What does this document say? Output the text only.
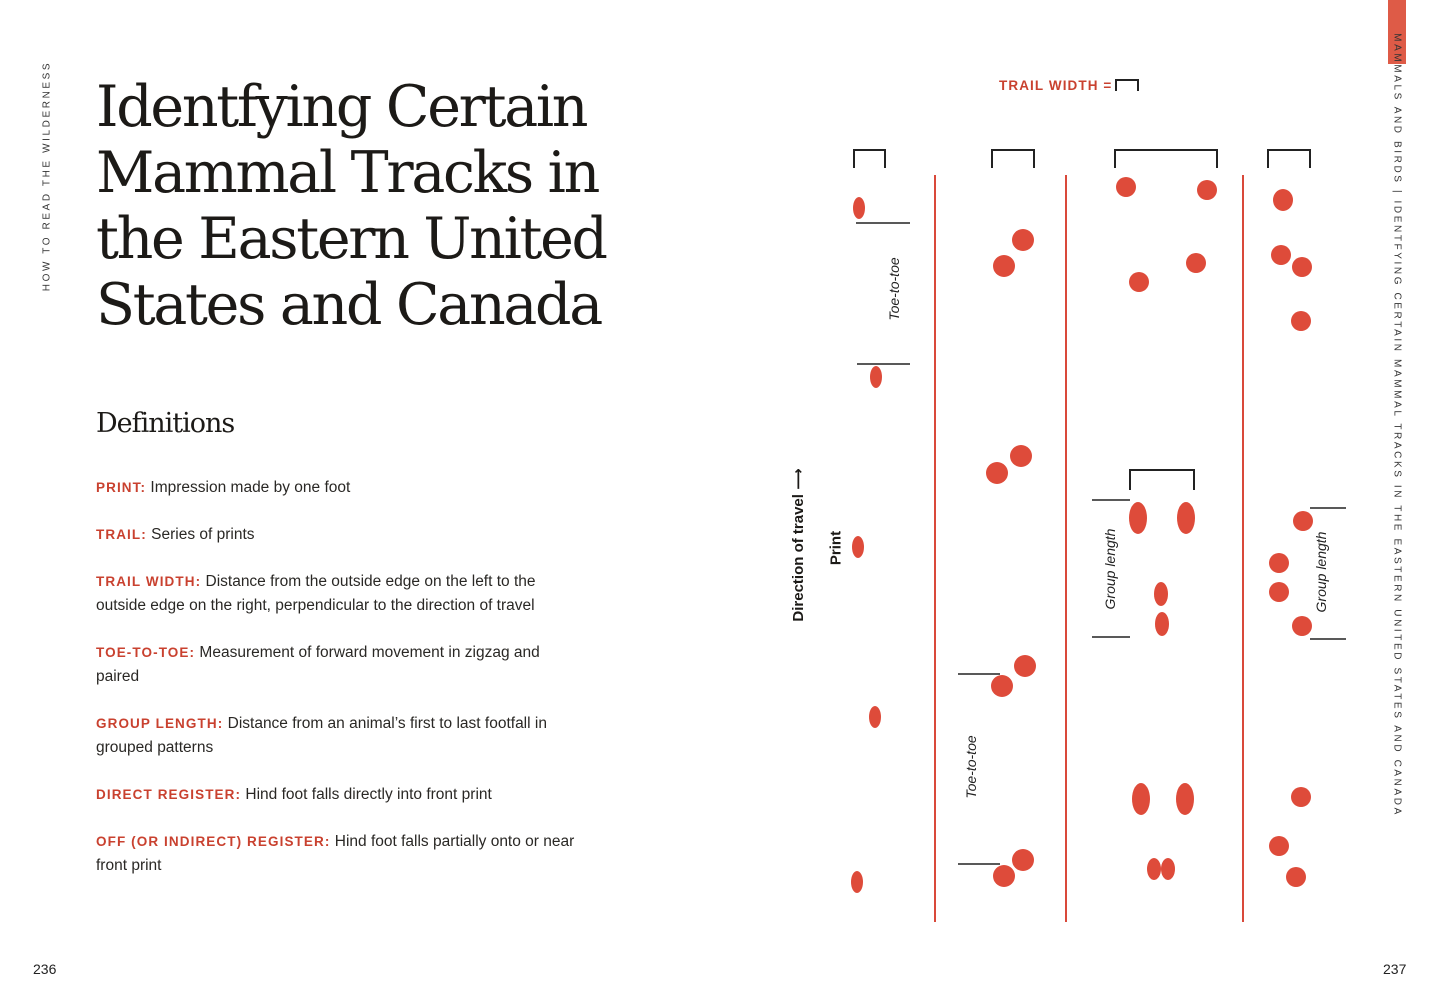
HOW TO READ THE WILDERNESS	MAMMALS AND BIRDS | IDENTFYING CERTAIN MAMMAL TRACKS IN THE EASTERN UNITED STATES AND CANADA
Identfying Certain Mammal Tracks in the Eastern United States and Canada
Definitions
PRINT: Impression made by one foot
TRAIL: Series of prints
TRAIL WIDTH: Distance from the outside edge on the left to the outside edge on the right, perpendicular to the direction of travel
TOE-TO-TOE: Measurement of forward movement in zigzag and paired
GROUP LENGTH: Distance from an animal’s first to last footfall in grouped patterns
DIRECT REGISTER: Hind foot falls directly into front print
OFF (OR INDIRECT) REGISTER: Hind foot falls partially onto or near front print
TRAIL WIDTH =
Direction of travel ⟶
Print
Toe-to-toe
Toe-to-toe
Group length	Group length
236	237
